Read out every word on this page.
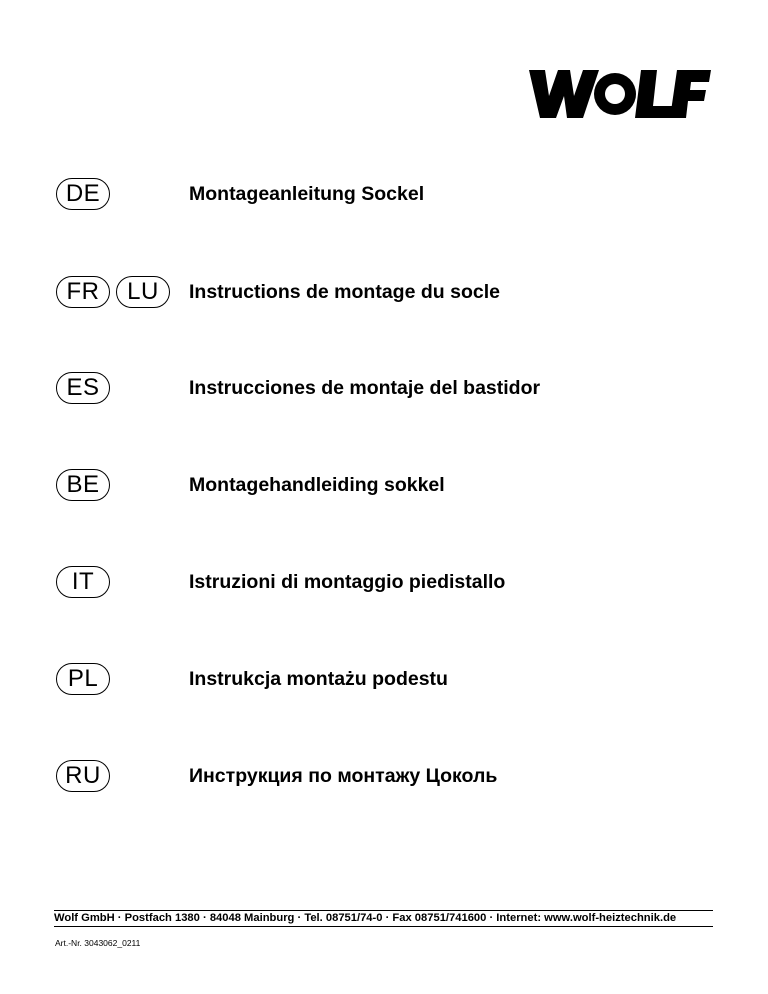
DE	Montageanleitung Sockel
FR	LU	Instructions de montage du socle
ES	Instrucciones de montaje del bastidor
BE	Montagehandleiding sokkel
IT	Istruzioni di montaggio piedistallo
PL	Instrukcja montażu podestu
RU	Инструкция по монтажу Цоколь
Wolf GmbH · Postfach 1380 · 84048 Mainburg · Tel. 08751/74-0 · Fax 08751/741600 · Internet: www.wolf-heiztechnik.de
Art.-Nr. 3043062_0211
